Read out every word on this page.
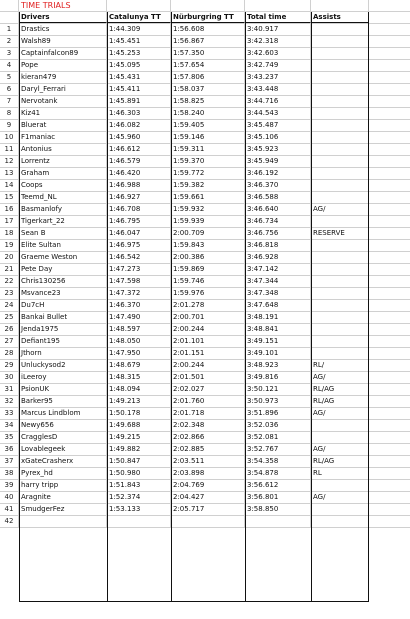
TIME TRIALS
Drivers	Catalunya TT	Nürburgring TT	Total time	Assists
1	Drastics	1:44.309	1:56.608	3:40.917
2	Walsh89	1:45.451	1:56.867	3:42.318
3	Captainfalcon89	1:45.253	1:57.350	3:42.603
4	Pope	1:45.095	1:57.654	3:42.749
5	kieran479	1:45.431	1:57.806	3:43.237
6	Daryl_Ferrari	1:45.411	1:58.037	3:43.448
7	Nervotank	1:45.891	1:58.825	3:44.716
8	Kiz41	1:46.303	1:58.240	3:44.543
9	Bluerat	1:46.082	1:59.405	3:45.487
10	F1maniac	1:45.960	1:59.146	3:45.106
11	Antonius	1:46.612	1:59.311	3:45.923
12	Lorrentz	1:46.579	1:59.370	3:45.949
13	Graham	1:46.420	1:59.772	3:46.192
14	Coops	1:46.988	1:59.382	3:46.370
15	Teemd_NL	1:46.927	1:59.661	3:46.588
16	Basmanlofy	1:46.708	1:59.932	3:46.640	AG/
17	Tigerkart_22	1:46.795	1:59.939	3:46.734
18	Sean B	1:46.047	2:00.709	3:46.756	RESERVE
19	Elite Sultan	1:46.975	1:59.843	3:46.818
20	Graeme Weston	1:46.542	2:00.386	3:46.928
21	Pete Day	1:47.273	1:59.869	3:47.142
22	Chris130256	1:47.598	1:59.746	3:47.344
23	Msvance23	1:47.372	1:59.976	3:47.348
24	Du7cH	1:46.370	2:01.278	3:47.648
25	Bankai Bullet	1:47.490	2:00.701	3:48.191
26	Jenda1975	1:48.597	2:00.244	3:48.841
27	Defiant195	1:48.050	2:01.101	3:49.151
28	Jthorn	1:47.950	2:01.151	3:49.101
29	Unluckysod2	1:48.679	2:00.244	3:48.923	RL/
30	iLeeroy	1:48.315	2:01.501	3:49.816	AG/
31	PsionUK	1:48.094	2:02.027	3:50.121	RL/AG
32	Barker95	1:49.213	2:01.760	3:50.973	RL/AG
33	Marcus Lindblom	1:50.178	2:01.718	3:51.896	AG/
34	Newy656	1:49.688	2:02.348	3:52.036
35	CragglesD	1:49.215	2:02.866	3:52.081
36	Lovablegeek	1:49.882	2:02.885	3:52.767	AG/
37	xGateCrasherx	1:50.847	2:03.511	3:54.358	RL/AG
38	Pyrex_hd	1:50.980	2:03.898	3:54.878	RL
39	harry tripp	1:51.843	2:04.769	3:56.612
40	Aragnite	1:52.374	2:04.427	3:56.801	AG/
41	SmudgerFez	1:53.133	2:05.717	3:58.850
42
